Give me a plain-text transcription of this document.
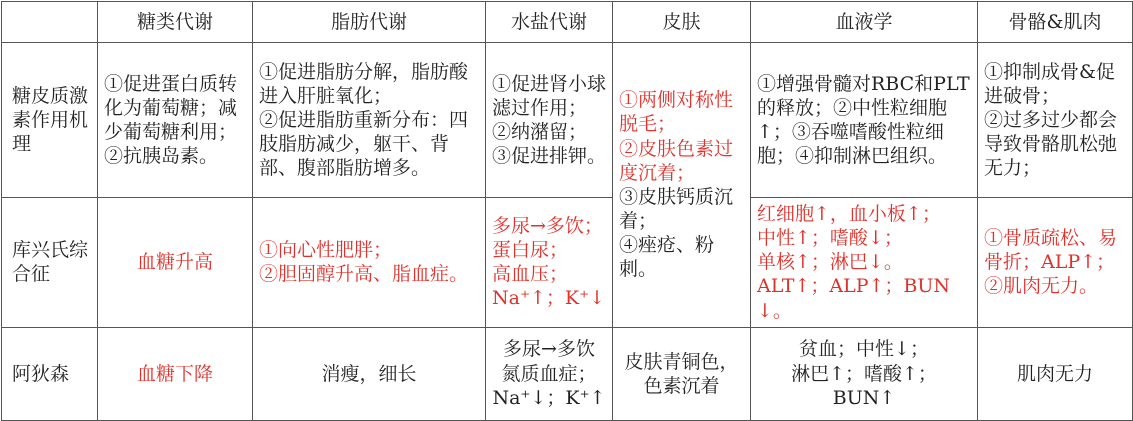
	糖类代谢	脂肪代谢	水盐代谢	皮肤	血液学	骨骼&肌肉
糖皮质激素作用机理	①促进蛋白质转化为葡萄糖；减少葡萄糖利用；
②抗胰岛素。	①促进脂肪分解，脂肪酸进入肝脏氧化；
②促进脂肪重新分布：四肢脂肪减少，躯干、背部、腹部脂肪增多。	①促进肾小球滤过作用；
②纳潴留；
③促进排钾。	①两侧对称性脱毛；
②皮肤色素过度沉着；
③皮肤钙质沉着；
④痤疮、粉刺。	①增强骨髓对RBC和PLT的释放；②中性粒细胞↑；③吞噬嗜酸性粒细胞；④抑制淋巴组织。	①抑制成骨&促进破骨；
②过多过少都会导致骨骼肌松弛无力；

库兴氏综合征	血糖升高	①向心性肥胖；
②胆固醇升高、脂血症。	多尿→多饮；
蛋白尿；
高血压；
Na⁺↑；K⁺↓		红细胞↑，血小板↑；
中性↑；嗜酸↓；
单核↑；淋巴↓。
ALT↑；ALP↑；BUN↓。	①骨质疏松、易骨折；ALP↑；
②肌肉无力。

阿狄森	血糖下降	消瘦，细长	多尿→多饮
氮质血症；
Na⁺↓；K⁺↑	皮肤青铜色，
色素沉着	贫血；中性↓；
淋巴↑；嗜酸↑；
BUN↑	肌肉无力
